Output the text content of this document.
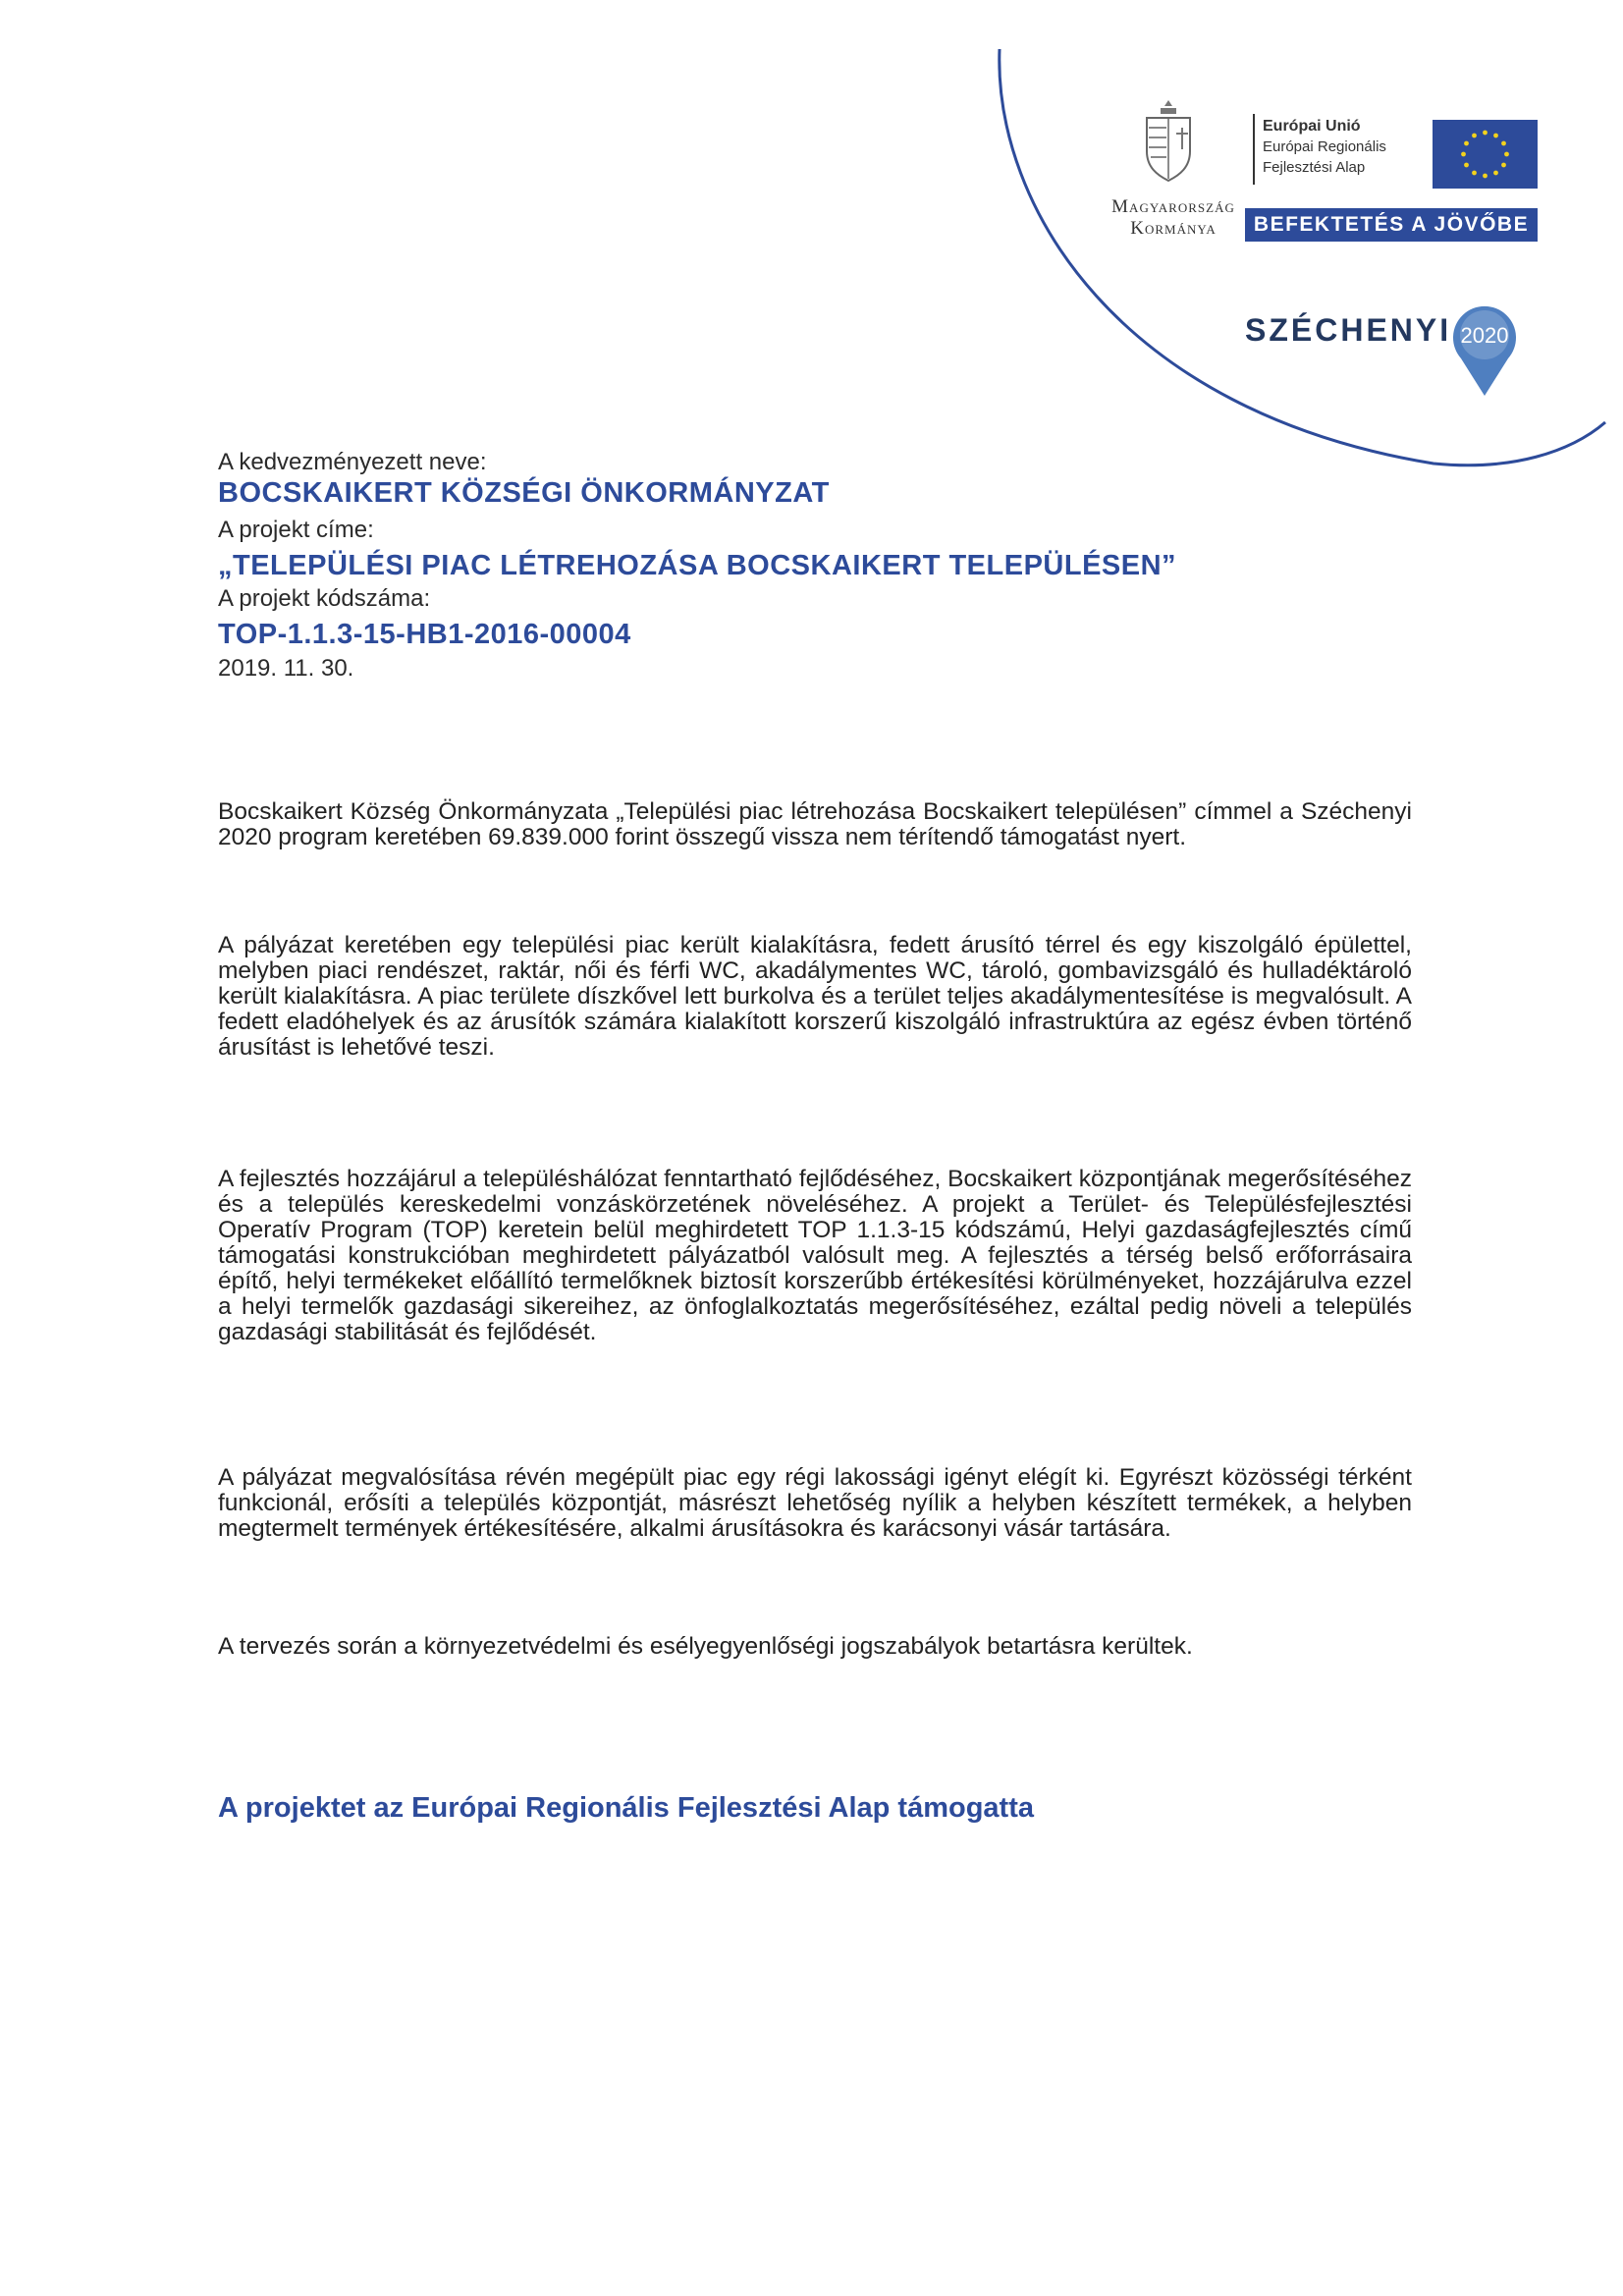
Magyarország
Kormánya
Európai Unió
Európai Regionális
Fejlesztési Alap
BEFEKTETÉS A JÖVŐBE
SZÉCHENYI 2020
A kedvezményezett neve:
BOCSKAIKERT KÖZSÉGI ÖNKORMÁNYZAT
A projekt címe:
„TELEPÜLÉSI PIAC LÉTREHOZÁSA BOCSKAIKERT TELEPÜLÉSEN”
A projekt kódszáma:
TOP-1.1.3-15-HB1-2016-00004
2019. 11. 30.
Bocskaikert Község Önkormányzata „Települési piac létrehozása Bocskaikert településen” címmel a Széchenyi 2020 program keretében 69.839.000 forint összegű vissza nem térítendő támogatást nyert.
A pályázat keretében egy települési piac került kialakításra, fedett árusító térrel és egy kiszolgáló épülettel, melyben piaci rendészet, raktár, női és férfi WC, akadálymentes WC, tároló, gombavizsgáló és hulladéktároló került kialakításra. A piac területe díszkővel lett burkolva és a terület teljes akadálymentesítése is megvalósult. A fedett eladóhelyek és az árusítók számára kialakított korszerű kiszolgáló infrastruktúra az egész évben történő árusítást is lehetővé teszi.
A fejlesztés hozzájárul a településhálózat fenntartható fejlődéséhez, Bocskaikert központjának megerősítéséhez és a település kereskedelmi vonzáskörzetének növeléséhez. A projekt a Terület- és Településfejlesztési Operatív Program (TOP) keretein belül meghirdetett TOP 1.1.3-15 kódszámú, Helyi gazdaságfejlesztés című támogatási konstrukcióban meghirdetett pályázatból valósult meg. A fejlesztés a térség belső erőforrásaira építő, helyi termékeket előállító termelőknek biztosít korszerűbb értékesítési körülményeket, hozzájárulva ezzel a helyi termelők gazdasági sikereihez, az önfoglalkoztatás megerősítéséhez, ezáltal pedig növeli a település gazdasági stabilitását és fejlődését.
A pályázat megvalósítása révén megépült piac egy régi lakossági igényt elégít ki. Egyrészt közösségi térként funkcionál, erősíti a település központját, másrészt lehetőség nyílik a helyben készített termékek, a helyben megtermelt termények értékesítésére, alkalmi árusításokra és karácsonyi vásár tartására.
A tervezés során a környezetvédelmi és esélyegyenlőségi jogszabályok betartásra kerültek.
A projektet az Európai Regionális Fejlesztési Alap támogatta
